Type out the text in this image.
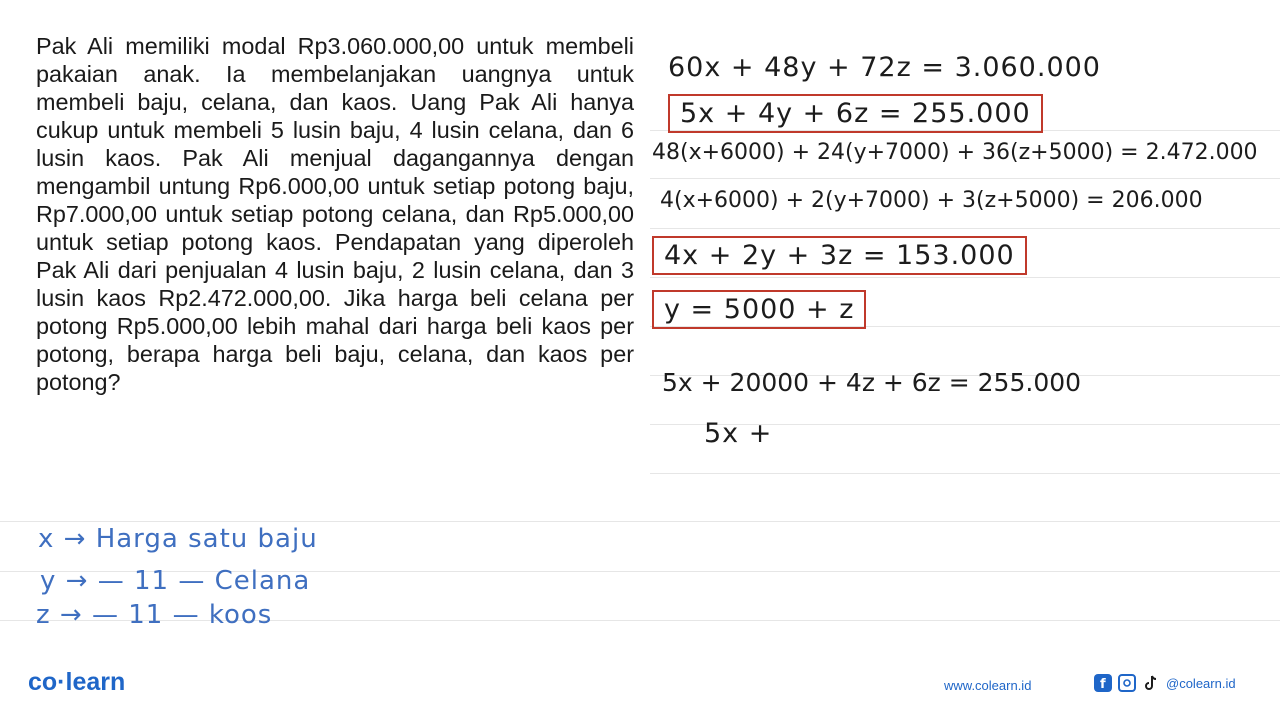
Pak Ali memiliki modal Rp3.060.000,00 untuk membeli pakaian anak. Ia membelanjakan uangnya untuk membeli baju, celana, dan kaos. Uang Pak Ali hanya cukup untuk membeli 5 lusin baju, 4 lusin celana, dan 6 lusin kaos. Pak Ali menjual dagangannya dengan mengambil untung Rp6.000,00 untuk setiap potong baju, Rp7.000,00 untuk setiap potong celana, dan Rp5.000,00 untuk setiap potong kaos. Pendapatan yang diperoleh Pak Ali dari penjualan 4 lusin baju, 2 lusin celana, dan 3 lusin kaos Rp2.472.000,00. Jika harga beli celana per potong Rp5.000,00 lebih mahal dari harga beli kaos per potong, berapa harga beli baju, celana, dan kaos per potong?

60x + 48y + 72z = 3.060.000
5x + 4y + 6z = 255.000
48(x+6000) + 24(y+7000) + 36(z+5000) = 2.472.000
4(x+6000) + 2(y+7000) + 3(z+5000) = 206.000
4x + 2y + 3z = 153.000
y = 5000 + z
5x + 20000 + 4z + 6z = 255.000
5x +
x → Harga satu baju
y → — 11 — Celana
z → — 11 — koos
co·learn	www.colearn.id	f	@colearn.id
